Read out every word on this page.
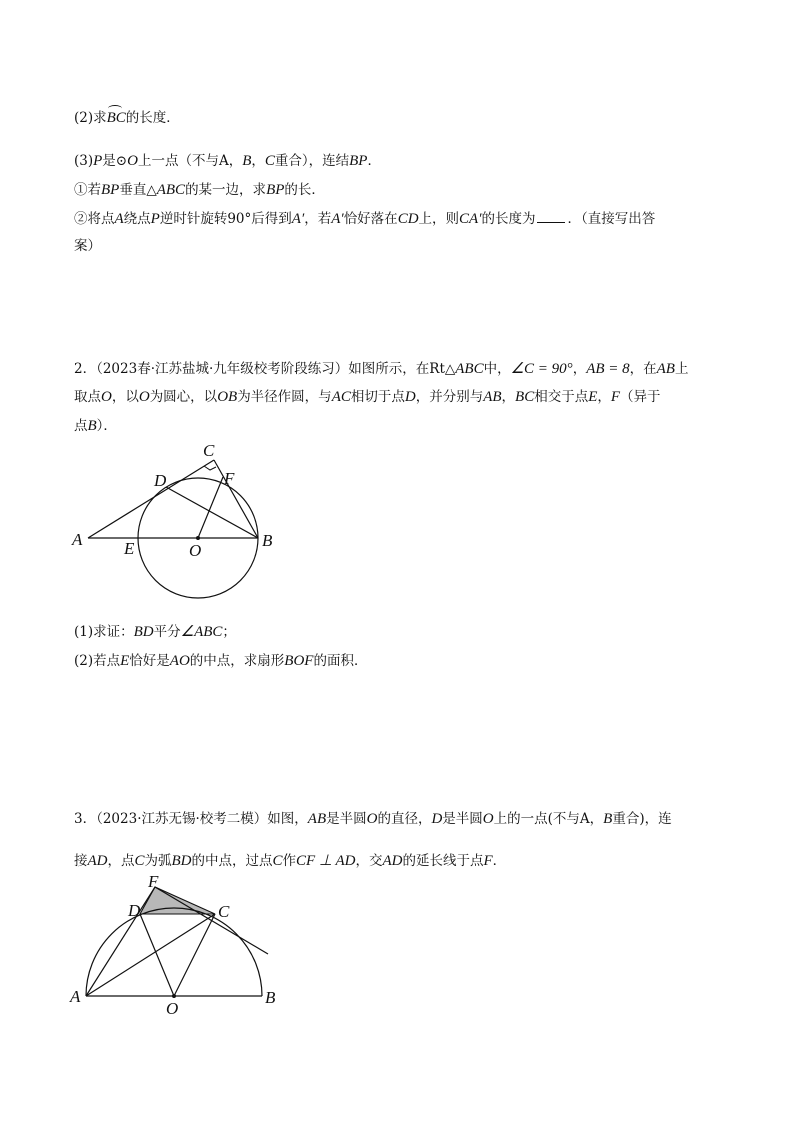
(2)求BC的长度．
(3)P是⊙O上一点（不与A，B，C重合），连结BP．
①若BP垂直△ABC的某一边，求BP的长．
②将点A绕点P逆时针旋转90°后得到A′，若A′恰好落在CD上，则CA′的长度为 ．（直接写出答
案）
2．（2023春·江苏盐城·九年级校考阶段练习）如图所示，在Rt△ABC中，∠C = 90°，AB = 8，在AB上
取点O，以O为圆心，以OB为半径作圆，与AC相切于点D，并分别与AB，BC相交于点E，F（异于
点B）．
A	B
C
D
E
F
O
(1)求证：BD平分∠ABC；
(2)若点E恰好是AO的中点，求扇形BOF的面积．
3．（2023·江苏无锡·校考二模）如图，AB是半圆O的直径，D是半圆O上的一点(不与A，B重合)，连
接AD，点C为弧BD的中点，过点C作CF ⊥ AD，交AD的延长线于点F．
A	B
C
D
F
O
